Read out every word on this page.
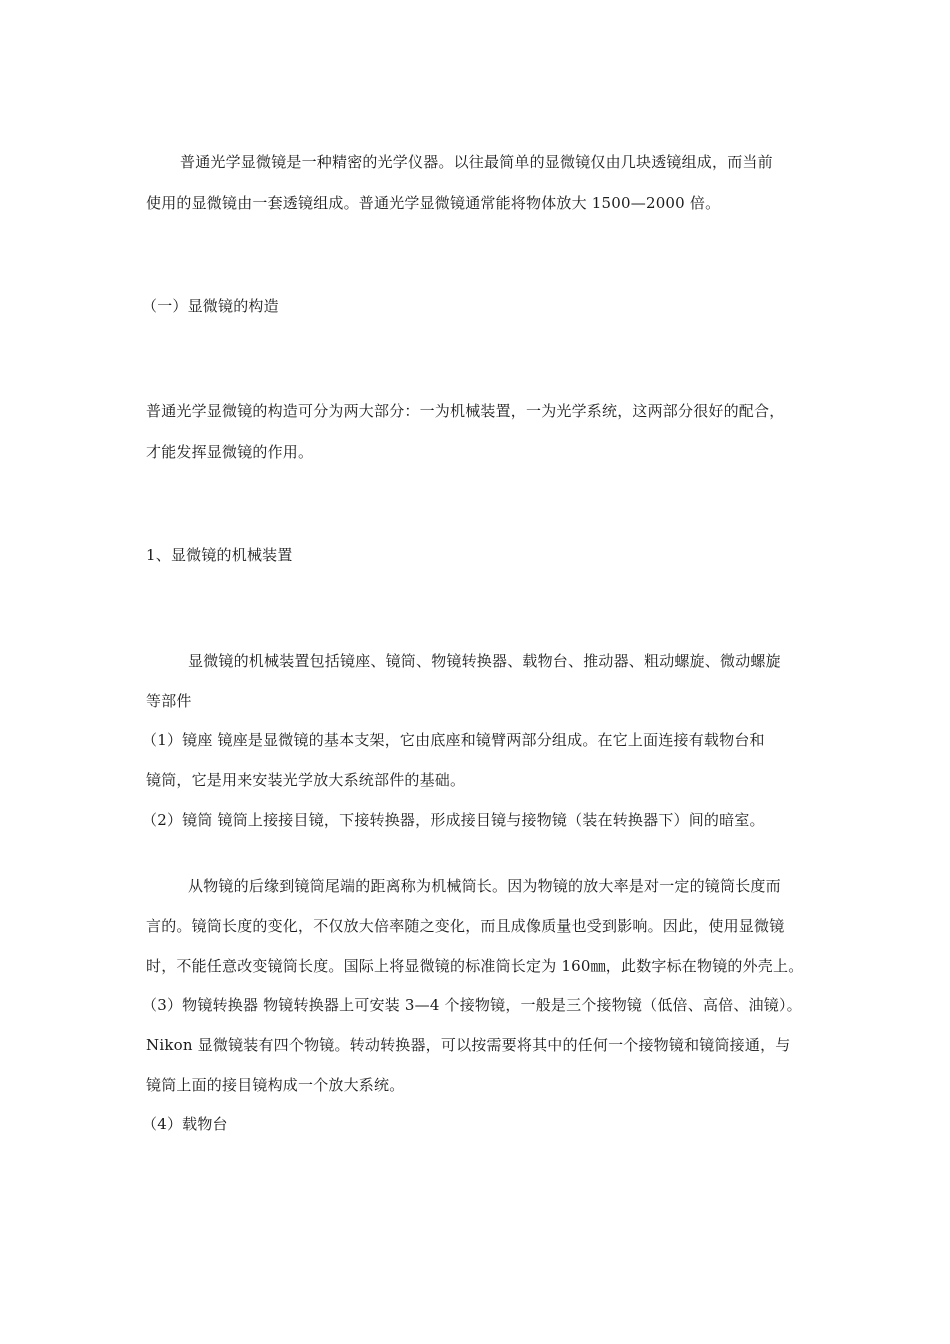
普通光学显微镜是一种精密的光学仪器。以往最简单的显微镜仅由几块透镜组成，而当前
使用的显微镜由一套透镜组成。普通光学显微镜通常能将物体放大 1500—2000 倍。
（一）显微镜的构造
普通光学显微镜的构造可分为两大部分：一为机械装置，一为光学系统，这两部分很好的配合，
才能发挥显微镜的作用。
1、显微镜的机械装置
显微镜的机械装置包括镜座、镜筒、物镜转换器、载物台、推动器、粗动螺旋、微动螺旋
等部件
（1）镜座 镜座是显微镜的基本支架，它由底座和镜臂两部分组成。在它上面连接有载物台和
镜筒，它是用来安装光学放大系统部件的基础。
（2）镜筒 镜筒上接接目镜，下接转换器，形成接目镜与接物镜（装在转换器下）间的暗室。
从物镜的后缘到镜筒尾端的距离称为机械筒长。因为物镜的放大率是对一定的镜筒长度而
言的。镜筒长度的变化，不仅放大倍率随之变化，而且成像质量也受到影响。因此，使用显微镜
时，不能任意改变镜筒长度。国际上将显微镜的标准筒长定为 160㎜，此数字标在物镜的外壳上。
（3）物镜转换器 物镜转换器上可安装 3—4 个接物镜，一般是三个接物镜（低倍、高倍、油镜）。
Nikon 显微镜装有四个物镜。转动转换器，可以按需要将其中的任何一个接物镜和镜筒接通，与
镜筒上面的接目镜构成一个放大系统。
（4）载物台
